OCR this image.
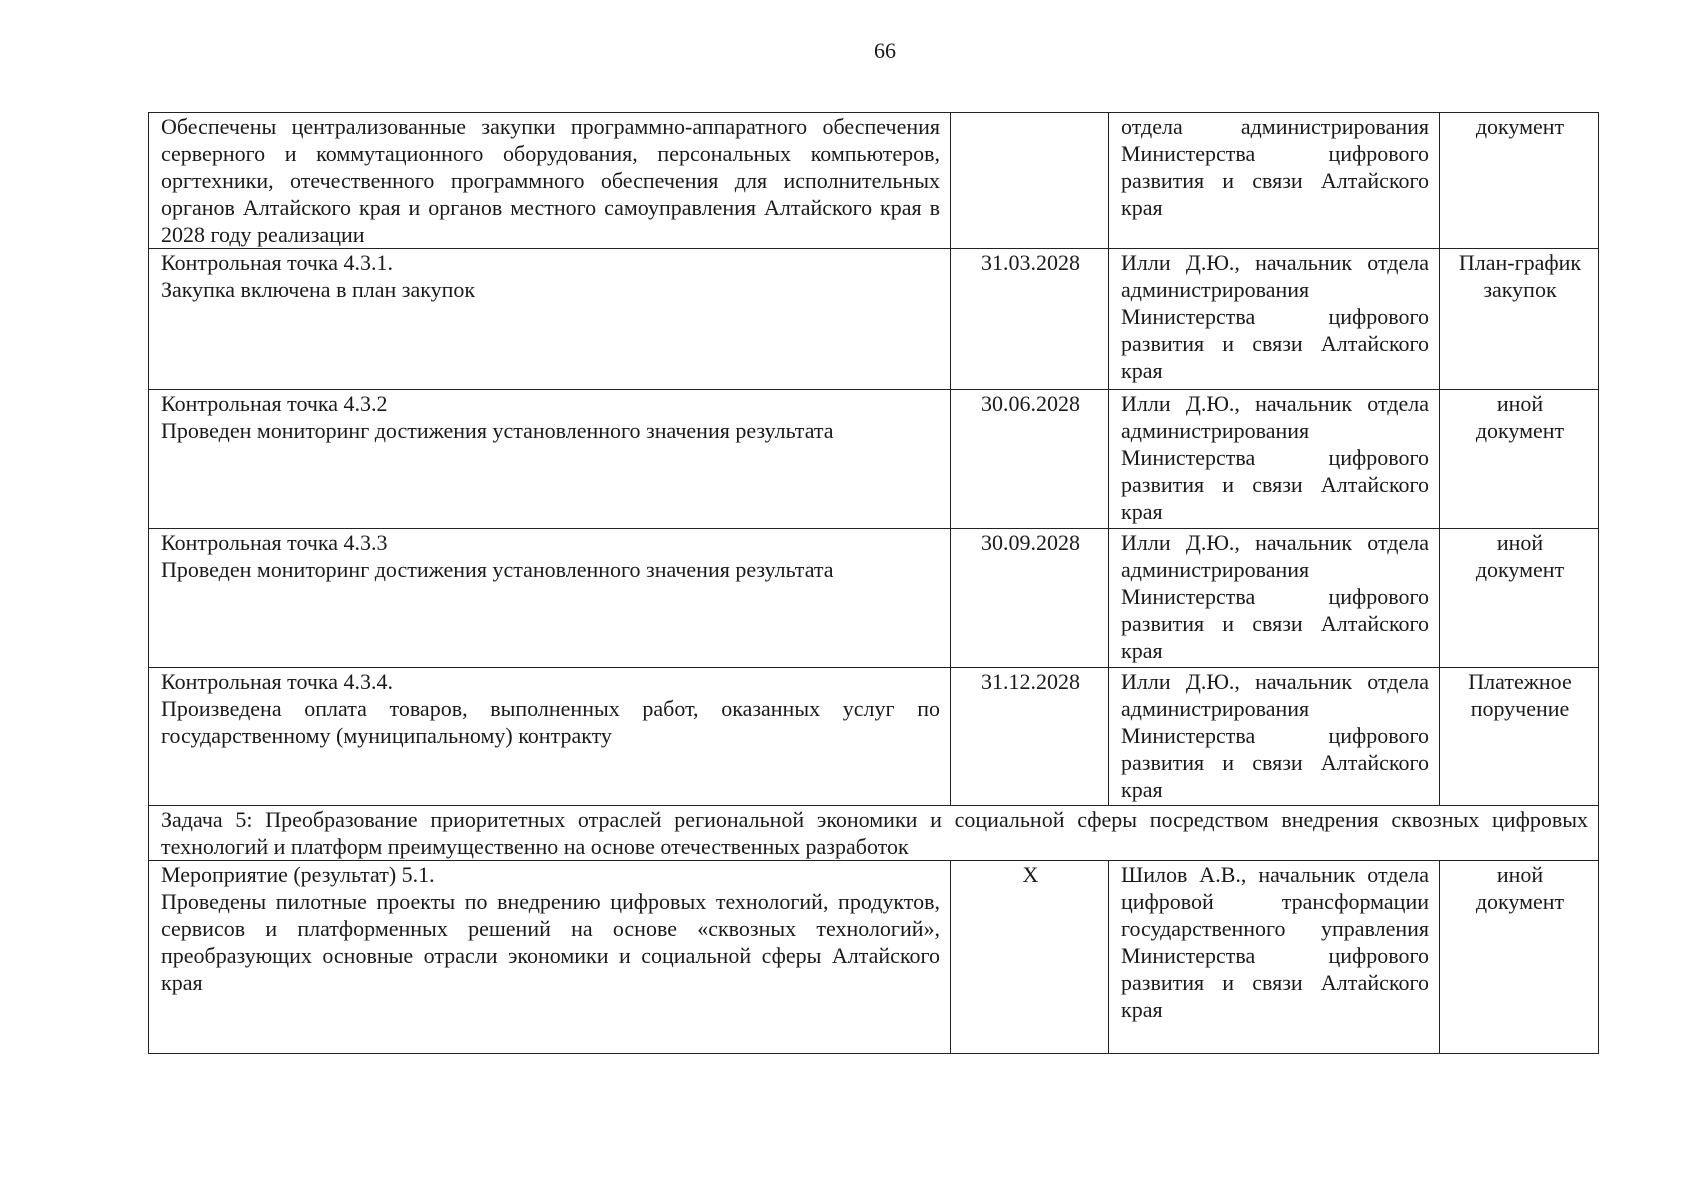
66
Обеспечены централизованные закупки программно-аппаратного обеспечения серверного и коммутационного оборудования, персональных компьютеров, оргтехники, отечественного программного обеспечения для исполнительных органов Алтайского края и органов местного самоуправления Алтайского края в 2028 году реализации		отдела администрирования Министерства цифрового развития и связи Алтайского края	документ

Контрольная точка 4.3.1.
Закупка включена в план закупок	31.03.2028	Илли Д.Ю., начальник отдела администрирования Министерства цифрового развития и связи Алтайского края	План-график закупок

Контрольная точка 4.3.2
Проведен мониторинг достижения установленного значения результата	30.06.2028	Илли Д.Ю., начальник отдела администрирования Министерства цифрового развития и связи Алтайского края	иной документ

Контрольная точка 4.3.3
Проведен мониторинг достижения установленного значения результата	30.09.2028	Илли Д.Ю., начальник отдела администрирования Министерства цифрового развития и связи Алтайского края	иной документ

Контрольная точка 4.3.4.
Произведена оплата товаров, выполненных работ, оказанных услуг по государственному (муниципальному) контракту	31.12.2028	Илли Д.Ю., начальник отдела администрирования Министерства цифрового развития и связи Алтайского края	Платежное поручение
Задача 5: Преобразование приоритетных отраслей региональной экономики и социальной сферы посредством внедрения сквозных цифровых технологий и платформ преимущественно на основе отечественных разработок			

Мероприятие (результат) 5.1.
Проведены пилотные проекты по внедрению цифровых технологий, продуктов, сервисов и платформенных решений на основе «сквозных технологий», преобразующих основные отрасли экономики и социальной сферы Алтайского края	X	Шилов А.В., начальник отдела цифровой трансформации государственного управления Министерства цифрового развития и связи Алтайского края	иной документ
